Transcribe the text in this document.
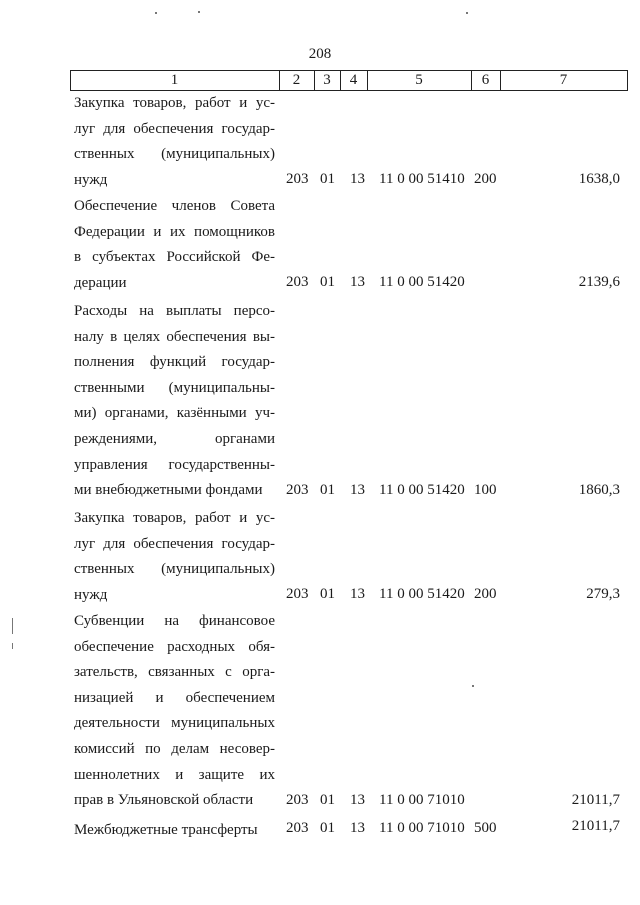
208
1	2	3	4	5	6	7
Закупка товаров, работ и ус-
луг для обеспечения государ-
ственных (муниципальных)
нужд	203 01 13 11 0 00 51410 200	1638,0
Обеспечение членов Совета
Федерации и их помощников
в субъектах Российской Фе-
дерации	203 01 13 11 0 00 51420	2139,6
Расходы на выплаты персо-
налу в целях обеспечения вы-
полнения функций государ-
ственными (муниципальны-
ми) органами, казёнными уч-
реждениями, органами
управления государственны-
ми внебюджетными фондами	203 01 13 11 0 00 51420 100	1860,3
Закупка товаров, работ и ус-
луг для обеспечения государ-
ственных (муниципальных)
нужд	203 01 13 11 0 00 51420 200	279,3
Субвенции на финансовое
обеспечение расходных обя-
зательств, связанных с орга-
низацией и обеспечением
деятельности муниципальных
комиссий по делам несовер-
шеннолетних и защите их
прав в Ульяновской области	203 01 13 11 0 00 71010	21011,7
Межбюджетные трансферты	203 01 13 11 0 00 71010 500	21011,7
